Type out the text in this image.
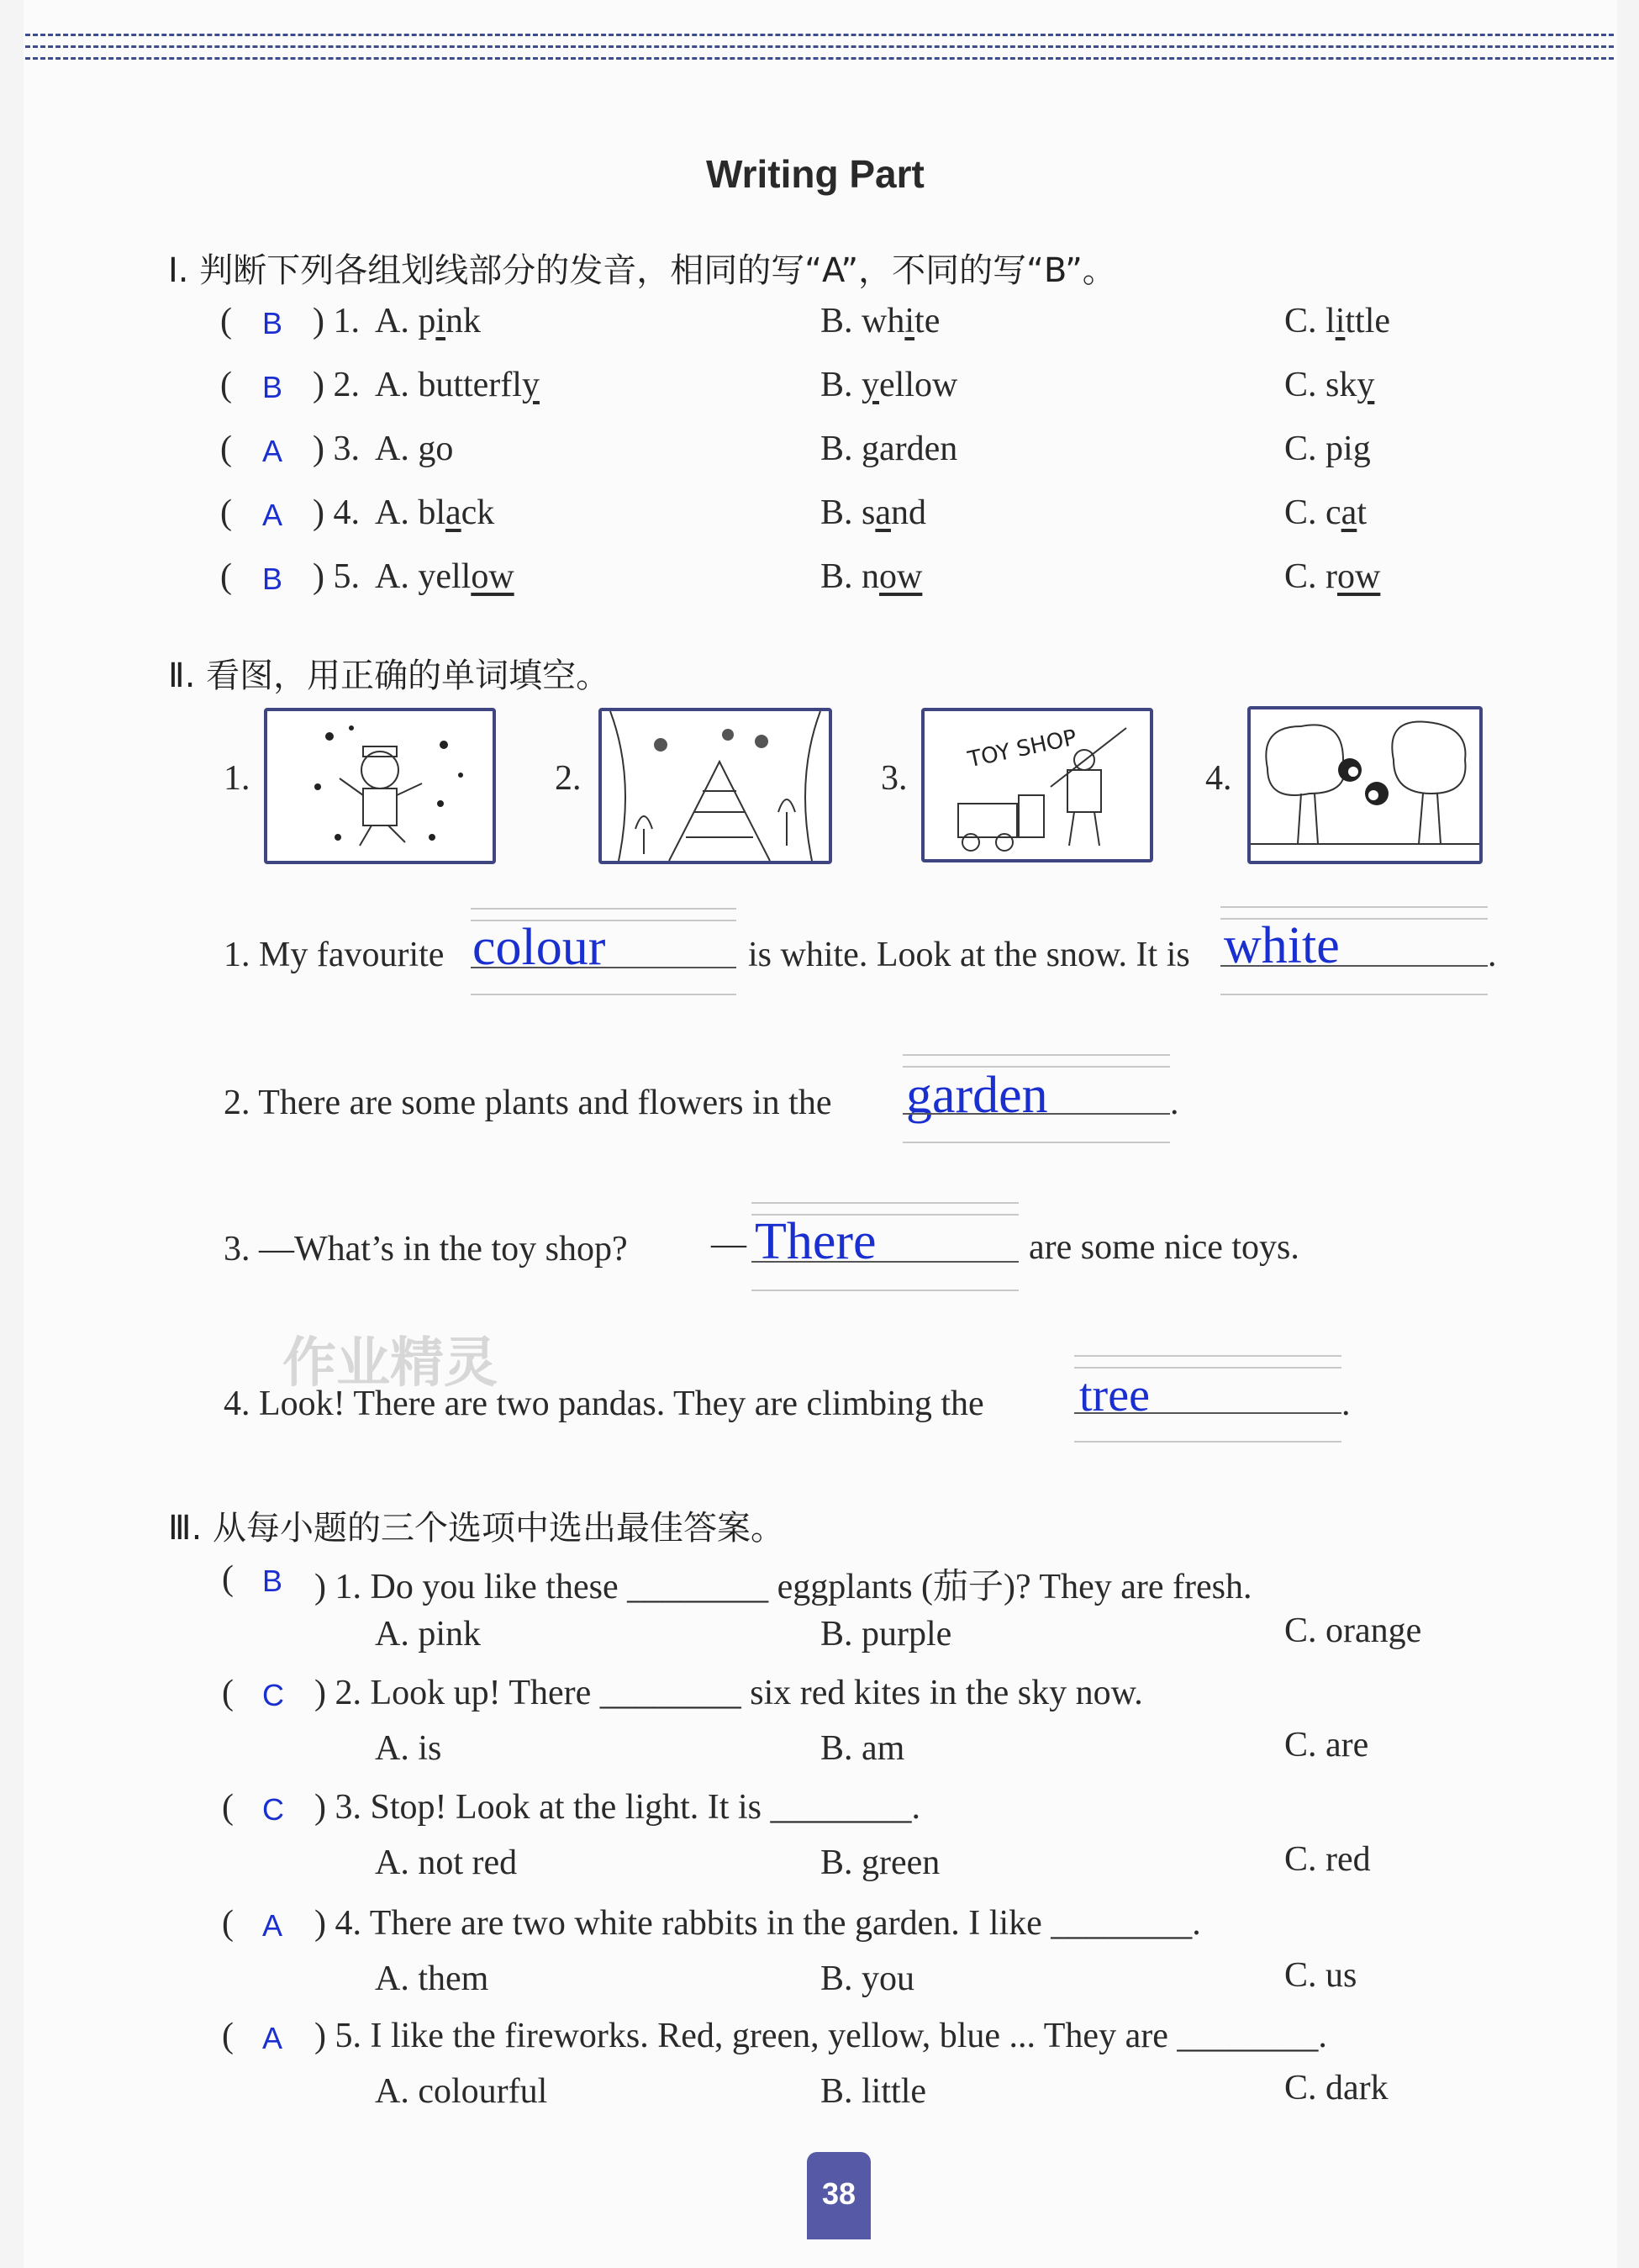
Writing Part
Ⅰ. 判断下列各组划线部分的发音，相同的写“A”，不同的写“B”。
( B ) 1. A. pink	B. white	C. little
( B ) 2. A. butterfly	B. yellow	C. sky
( A ) 3. A. go	B. garden	C. pig
( A ) 4. A. black	B. sand	C. cat
( B ) 5. A. yellow	B. now	C. row
Ⅱ. 看图，用正确的单词填空。
1.	2.	3.
TOY SHOP
4.
1. My favourite colour	is white. Look at the snow. It is white	.
2. There are some plants and flowers in the garden	.
3. —What’s in the toy shop? — There	are some nice toys.
作业精灵
4. Look! There are two pandas. They are climbing the tree	.
Ⅲ. 从每小题的三个选项中选出最佳答案。
( B ) 1. Do you like these ________ eggplants (茄子)? They are fresh.
A. pink	B. purple	C. orange
( C ) 2. Look up! There ________ six red kites in the sky now.
A. is	B. am	C. are
( C ) 3. Stop! Look at the light. It is ________.
A. not red	B. green	C. red
( A ) 4. There are two white rabbits in the garden. I like ________.
A. them	B. you	C. us
( A ) 5. I like the fireworks. Red, green, yellow, blue ... They are ________.
A. colourful	B. little	C. dark
38
